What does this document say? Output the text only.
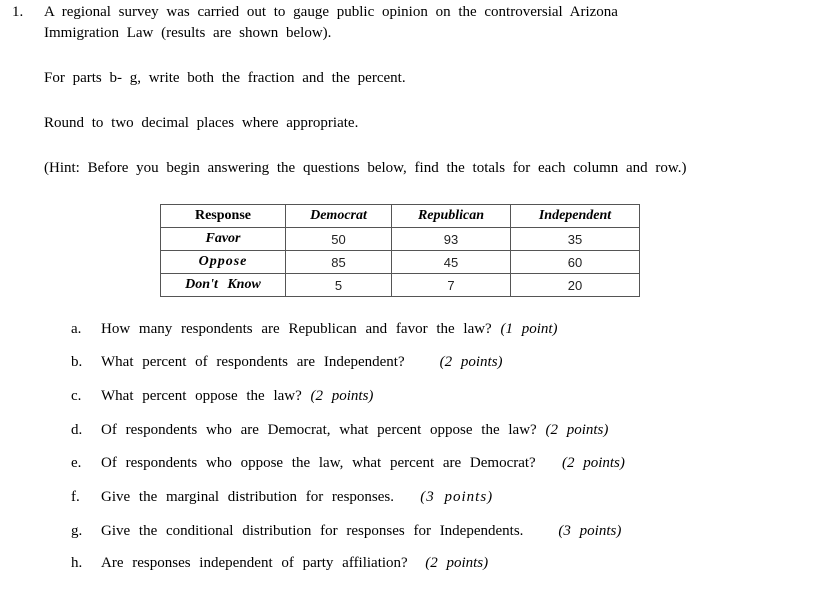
1. A regional survey was carried out to gauge public opinion on the controversial Arizona
Immigration Law (results are shown below).
For parts b- g, write both the fraction and the percent.
Round to two decimal places where appropriate.
(Hint: Before you begin answering the questions below, find the totals for each column and row.)
Response	Democrat	Republican	Independent
Favor	50	93	35
Oppose	85	45	60
Don't Know	5	7	20
a. How many respondents are Republican and favor the law? (1 point)
b. What percent of respondents are Independent? (2 points)
c. What percent oppose the law? (2 points)
d. Of respondents who are Democrat, what percent oppose the law? (2 points)
e. Of respondents who oppose the law, what percent are Democrat? (2 points)
f. Give the marginal distribution for responses. (3 points)
g. Give the conditional distribution for responses for Independents. (3 points)
h. Are responses independent of party affiliation? (2 points)
